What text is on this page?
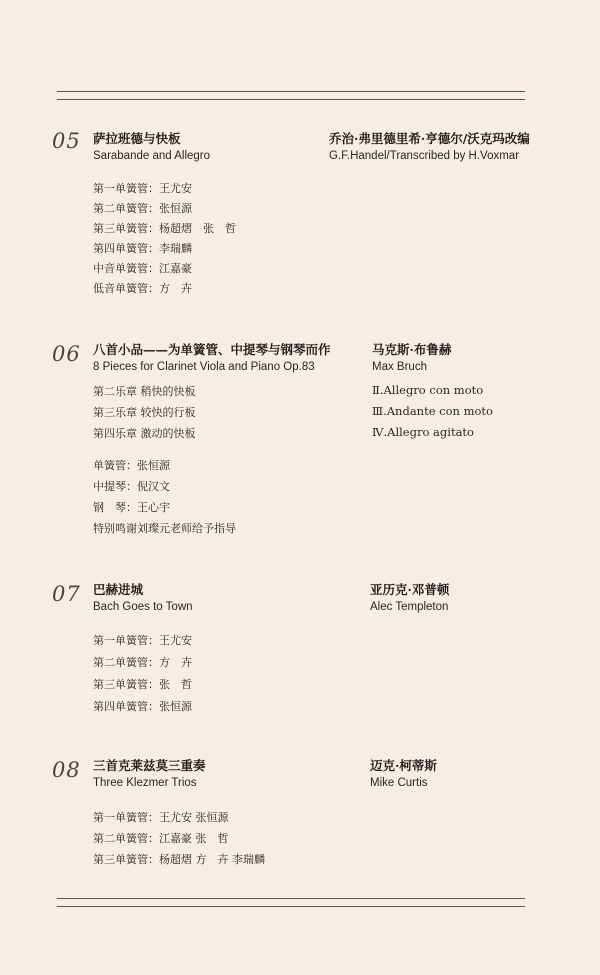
05 萨拉班德与快板
Sarabande and Allegro
乔治·弗里德里希·亨德尔/沃克玛改编
G.F.Handel/Transcribed by H.Voxmar
第一单簧管：王尤安
第二单簧管：张恒源
第三单簧管：杨超熠　张　哲
第四单簧管：李瑞麟
中音单簧管：江嘉豪
低音单簧管：方　卉
06 八首小品——为单簧管、中提琴与钢琴而作
8 Pieces for Clarinet Viola and Piano Op.83
马克斯·布鲁赫
Max Bruch
第二乐章 稍快的快板
第三乐章 较快的行板
第四乐章 激动的快板
Ⅱ.Allegro con moto
Ⅲ.Andante con moto
Ⅳ.Allegro agitato
单簧管：张恒源
中提琴：倪汉文
钢　琴：王心宇
特别鸣谢刘璨元老师给予指导
07 巴赫进城
Bach Goes to Town
亚历克·邓普顿
Alec Templeton
第一单簧管：王尤安
第二单簧管：方　卉
第三单簧管：张　哲
第四单簧管：张恒源
08 三首克莱兹莫三重奏
Three Klezmer Trios
迈克·柯蒂斯
Mike Curtis
第一单簧管：王尤安 张恒源
第二单簧管：江嘉豪 张　哲
第三单簧管：杨超熠 方　卉 李瑞麟
